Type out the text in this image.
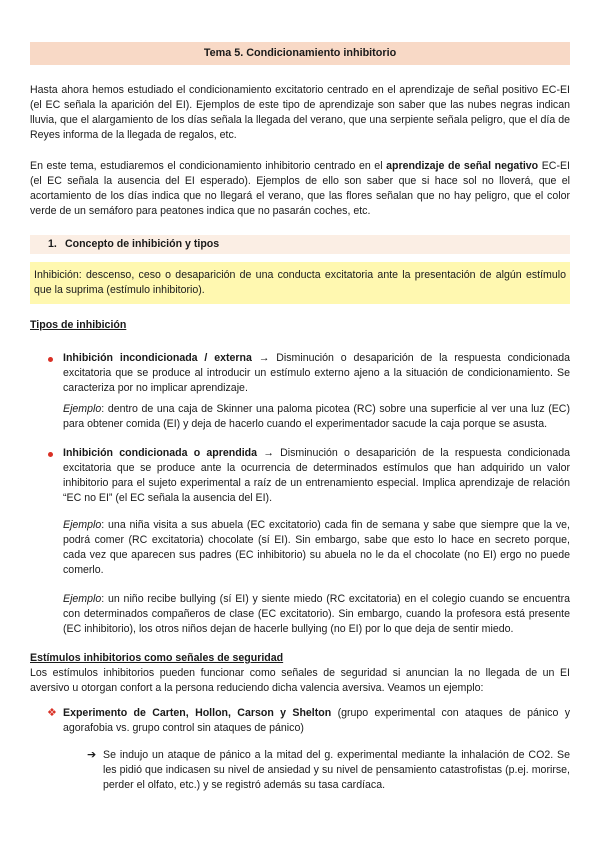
Tema 5. Condicionamiento inhibitorio

Hasta ahora hemos estudiado el condicionamiento excitatorio centrado en el aprendizaje de señal positivo EC-EI (el EC señala la aparición del EI). Ejemplos de este tipo de aprendizaje son saber que las nubes negras indican lluvia, que el alargamiento de los días señala la llegada del verano, que una serpiente señala peligro, que el día de Reyes informa de la llegada de regalos, etc.

En este tema, estudiaremos el condicionamiento inhibitorio centrado en el aprendizaje de señal negativo EC-EI (el EC señala la ausencia del EI esperado). Ejemplos de ello son saber que si hace sol no lloverá, que el acortamiento de los días indica que no llegará el verano, que las flores señalan que no hay peligro, que el color verde de un semáforo para peatones indica que no pasarán coches, etc.

1. Concepto de inhibición y tipos

Inhibición: descenso, ceso o desaparición de una conducta excitatoria ante la presentación de algún estímulo que la suprima (estímulo inhibitorio).

Tipos de inhibición

Inhibición incondicionada / externa → Disminución o desaparición de la respuesta condicionada excitatoria que se produce al introducir un estímulo externo ajeno a la situación de condicionamiento. Se caracteriza por no implicar aprendizaje.

Ejemplo: dentro de una caja de Skinner una paloma picotea (RC) sobre una superficie al ver una luz (EC) para obtener comida (EI) y deja de hacerlo cuando el experimentador sacude la caja porque se asusta.

Inhibición condicionada o aprendida → Disminución o desaparición de la respuesta condicionada excitatoria que se produce ante la ocurrencia de determinados estímulos que han adquirido un valor inhibitorio para el sujeto experimental a raíz de un entrenamiento especial. Implica aprendizaje de relación “EC no EI” (el EC señala la ausencia del EI).

Ejemplo: una niña visita a sus abuela (EC excitatorio) cada fin de semana y sabe que siempre que la ve, podrá comer (RC excitatoria) chocolate (sí EI). Sin embargo, sabe que esto lo hace en secreto porque, cada vez que aparecen sus padres (EC inhibitorio) su abuela no le da el chocolate (no EI) ergo no puede comerlo.

Ejemplo: un niño recibe bullying (sí EI) y siente miedo (RC excitatoria) en el colegio cuando se encuentra con determinados compañeros de clase (EC excitatorio). Sin embargo, cuando la profesora está presente (EC inhibitorio), los otros niños dejan de hacerle bullying (no EI) por lo que deja de sentir miedo.

Estímulos inhibitorios como señales de seguridad

Los estímulos inhibitorios pueden funcionar como señales de seguridad si anuncian la no llegada de un EI aversivo u otorgan confort a la persona reduciendo dicha valencia aversiva. Veamos un ejemplo:

❖ Experimento de Carten, Hollon, Carson y Shelton (grupo experimental con ataques de pánico y agorafobia vs. grupo control sin ataques de pánico)

➔ Se indujo un ataque de pánico a la mitad del g. experimental mediante la inhalación de CO2. Se les pidió que indicasen su nivel de ansiedad y su nivel de pensamiento catastrofistas (p.ej. morirse, perder el olfato, etc.) y se registró además su tasa cardíaca.
